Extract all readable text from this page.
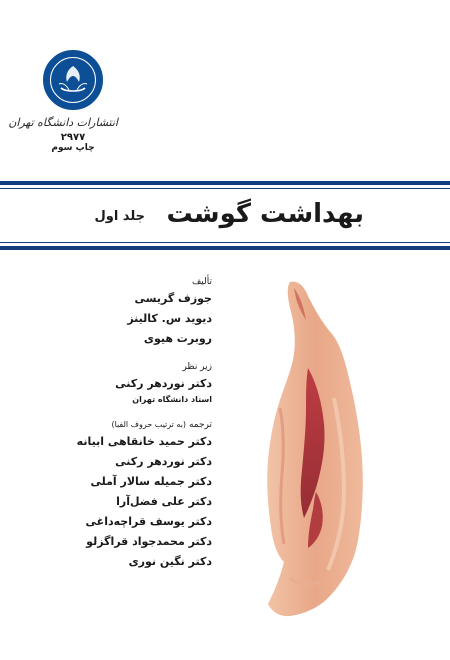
انتشارات دانشگاه تهران
۲۹۷۷
چاپ سوم
بهداشت گوشت
جلد اول
تألیف
جوزف گریسی
دیوید س. کالینز
روبرت هیوی
زیر نظر
دکتر نوردهر رکنی
استاد دانشگاه تهران
ترجمه (به ترتیب حروف الفبا)
دکتر حمید خانقاهی ابیانه
دکتر نوردهر رکنی
دکتر جمیله سالار آملی
دکتر علی فضل‌آرا
دکتر یوسف قراچه‌داغی
دکتر محمدجواد قراگزلو
دکتر نگین نوری
